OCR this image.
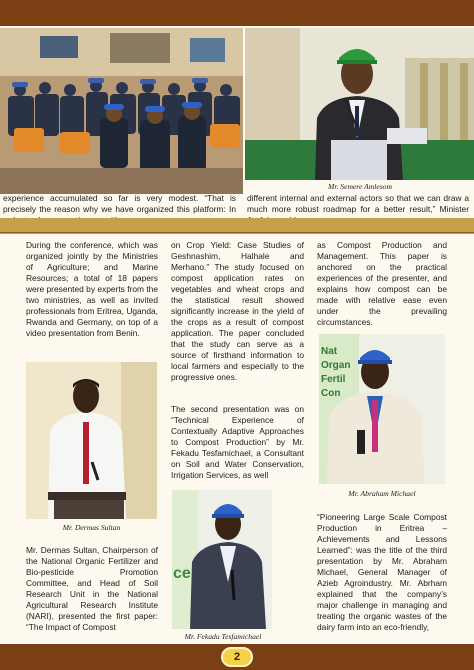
Mr. Semere Amlesom

experience accumulated so far is very modest. “That is precisely the reason why we have organized this platform: In

different internal and external actors so that we can draw a much more robust roadmap for a better result,” Minister

During the conference, which was organized jointly by the Ministries of Agriculture; and Marine Resources; a total of 18 papers were presented by experts from the two ministries, as well as invited professionals from Eritrea, Uganda, Rwanda and Germany, on top of a video presentation from Benin.

Mr. Dermas Sultan

Mr. Dermas Sultan, Chairperson of the National Organic Fertilizer and Bio-pesticide Promotion Committee, and Head of Soil Research Unit in the National Agricultural Research Institute (NARI), presented the first paper: “The Impact of Compost

on Crop Yield: Case Studies of Geshnashim, Halhale and Merhano.” The study focused on compost application rates on vegetables and wheat crops and the statistical result showed significantly increase in the yield of the crops as a result of compost application. The paper concluded that the study can serve as a source of firsthand information to local farmers and especially to the progressive ones.

The second presentation was on “Technical Experience of Contextually Adaptive Approaches to Compost Production” by Mr. Fekadu Tesfamichael, a Consultant on Soil and Water Conservation, Irrigation Services, as well

ce
Mr. Fekadu Tesfamichael

as Compost Production and Management. This paper is anchored on the practical experiences of the presenter, and explains how compost can be made with relative ease even under the prevailing circumstances.

Nat Organ Fertil Con
Mr. Abraham Michael

“Pioneering Large Scale Compost Production in Eritrea – Achievements and Lessons Learned”: was the title of the third presentation by Mr. Abraham Michael, General Manager of Azieb Agroindustry. Mr. Abrham explained that the company’s major challenge in managing and treating the organic wastes of the dairy farm into an eco-friendly,

2
